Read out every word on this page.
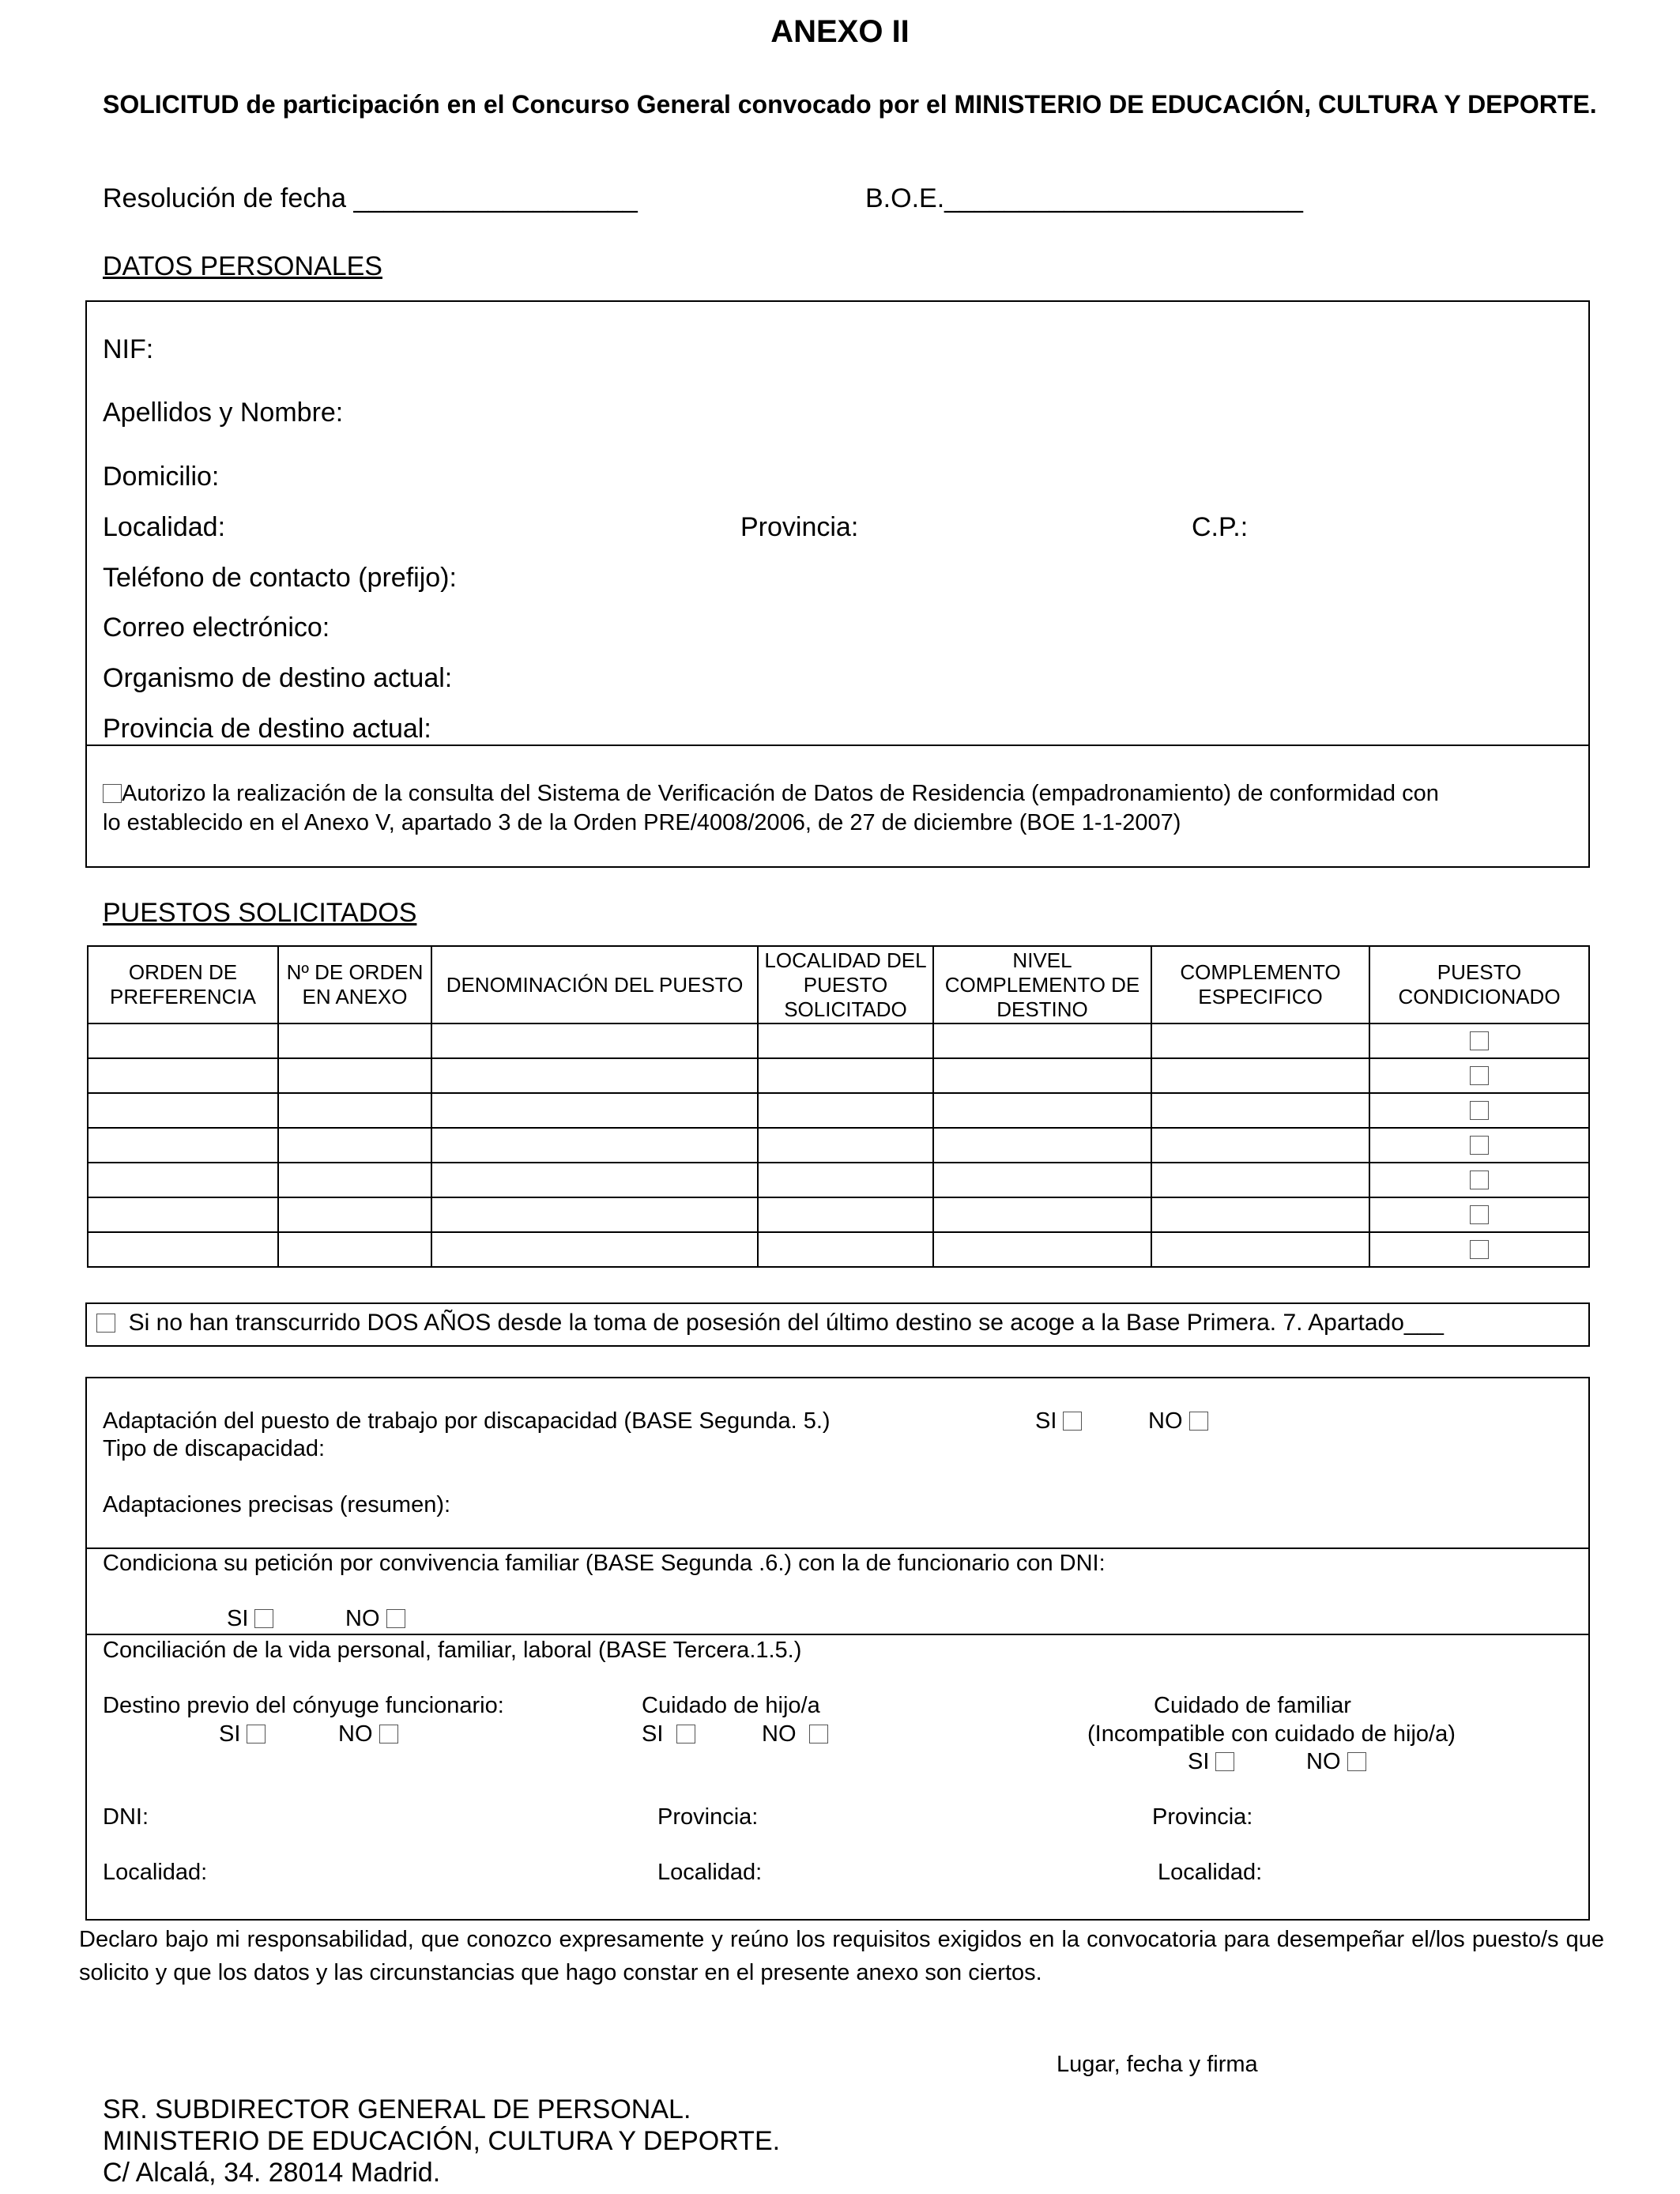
ANEXO II
SOLICITUD de participación en el Concurso General convocado por el MINISTERIO DE EDUCACIÓN, CULTURA Y DEPORTE.
Resolución de fecha ___________________	B.O.E.________________________
DATOS PERSONALES
NIF:
Apellidos y Nombre:
Domicilio:
Localidad:	Provincia:	C.P.:
Teléfono de contacto (prefijo):
Correo electrónico:
Organismo de destino actual:
Provincia de destino actual:
Autorizo la realización de la consulta del Sistema de Verificación de Datos de Residencia (empadronamiento) de conformidad con
lo establecido en el Anexo V, apartado 3 de la Orden PRE/4008/2006, de 27 de diciembre (BOE 1-1-2007)
PUESTOS SOLICITADOS
ORDEN DE PREFERENCIA	Nº DE ORDEN EN ANEXO	DENOMINACIÓN DEL PUESTO	LOCALIDAD DEL PUESTO SOLICITADO	NIVEL COMPLEMENTO DE DESTINO	COMPLEMENTO ESPECIFICO	PUESTO CONDICIONADO

Si no han transcurrido DOS AÑOS desde la toma de posesión del último destino se acoge a la Base Primera. 7. Apartado___
Adaptación del puesto de trabajo por discapacidad (BASE Segunda. 5.)	SI	NO
Tipo de discapacidad:
Adaptaciones precisas (resumen):
Condiciona su petición por convivencia familiar (BASE Segunda .6.) con la de funcionario con DNI:
SI	NO
Conciliación de la vida personal, familiar, laboral (BASE Tercera.1.5.)
Destino previo del cónyuge funcionario:
SI	NO
Cuidado de hijo/a
SI	NO
Cuidado de familiar
(Incompatible con cuidado de hijo/a)
SI	NO
DNI:	Provincia:	Provincia:
Localidad:	Localidad:	Localidad:
Declaro bajo mi responsabilidad, que conozco expresamente y reúno los requisitos exigidos en la convocatoria para desempeñar el/los puesto/s que solicito y que los datos y las circunstancias que hago constar en el presente anexo son ciertos.
Lugar, fecha y firma
SR. SUBDIRECTOR GENERAL DE PERSONAL.
MINISTERIO DE EDUCACIÓN, CULTURA Y DEPORTE.
C/ Alcalá, 34. 28014 Madrid.
